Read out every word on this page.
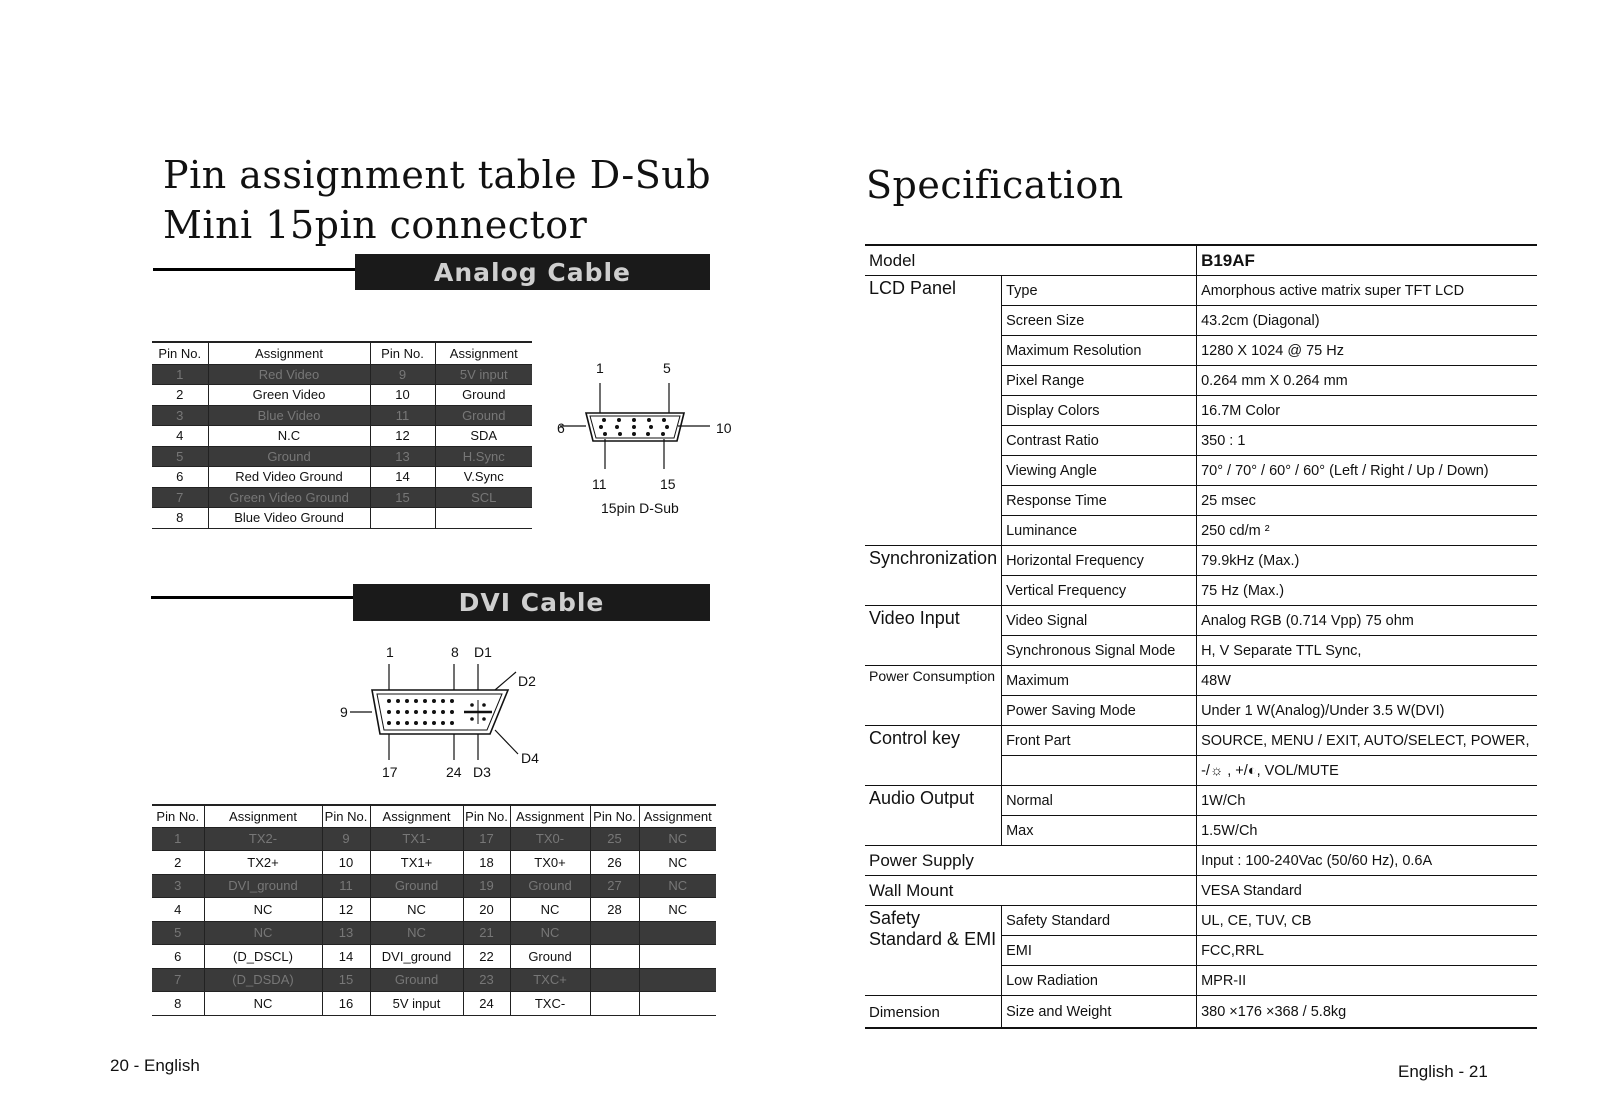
Pin assignment table D-Sub
Mini 15pin connector
Analog Cable
Pin No.	Assignment	Pin No.	Assignment
1	Red Video	9	5V input
2	Green Video	10	Ground
3	Blue Video	11	Ground
4	N.C	12	SDA
5	Ground	13	H.Sync
6	Red Video Ground	14	V.Sync
7	Green Video Ground	15	SCL
8	Blue Video Ground		
1	5
6	10
11	15
15pin D-Sub
DVI Cable
1	8 D1
D2
9
D4
17	24 D3
Pin No.	Assignment	Pin No.	Assignment	Pin No.	Assignment	Pin No.	Assignment
1	TX2-	9	TX1-	17	TX0-	25	NC
2	TX2+	10	TX1+	18	TX0+	26	NC
3	DVI_ground	11	Ground	19	Ground	27	NC
4	NC	12	NC	20	NC	28	NC
5	NC	13	NC	21	NC		
6	(D_DSCL)	14	DVI_ground	22	Ground		
7	(D_DSDA)	15	Ground	23	TXC+		
8	NC	16	5V input	24	TXC-		
20 - English
Specification
Model		B19AF
LCD Panel	Type	Amorphous active matrix super TFT LCD
	Screen Size	43.2cm (Diagonal)
	Maximum Resolution	1280 X 1024 @ 75 Hz
	Pixel Range	0.264 mm X 0.264 mm
	Display Colors	16.7M Color
	Contrast Ratio	350 : 1
	Viewing Angle	70° / 70° / 60° / 60° (Left / Right / Up / Down)
	Response Time	25 msec
	Luminance	250 cd/m ²
Synchronization	Horizontal Frequency	79.9kHz (Max.)
	Vertical Frequency	75 Hz (Max.)
Video Input	Video Signal	Analog RGB (0.714 Vpp) 75 ohm
	Synchronous Signal Mode	H, V Separate TTL Sync,
Power Consumption	Maximum	48W
	Power Saving Mode	Under 1 W(Analog)/Under 3.5 W(DVI)
Control key	Front Part	SOURCE, MENU / EXIT, AUTO/SELECT, POWER,
		-/☼ , +/◐, VOL/MUTE
Audio Output	Normal	1W/Ch
	Max	1.5W/Ch
Power Supply		Input : 100-240Vac (50/60 Hz), 0.6A
Wall Mount		VESA Standard
Safety Standard & EMI	Safety Standard	UL, CE, TUV, CB
	EMI	FCC,RRL
	Low Radiation	MPR-II
Dimension	Size and Weight	380 ×176 ×368 / 5.8kg
English - 21
